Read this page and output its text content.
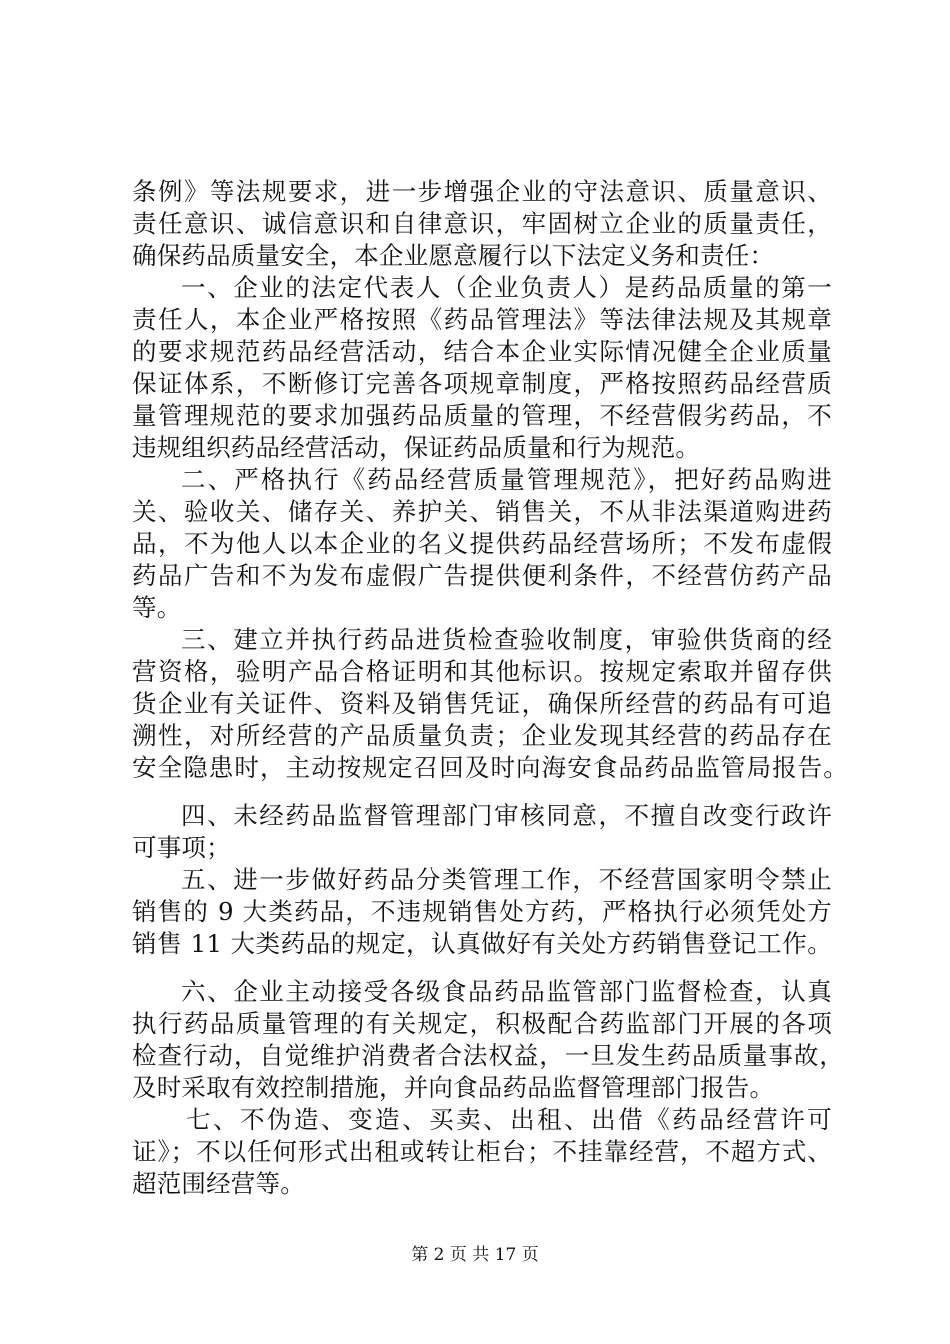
条例》等法规要求，进一步增强企业的守法意识、质量意识、
责任意识、诚信意识和自律意识，牢固树立企业的质量责任，
确保药品质量安全，本企业愿意履行以下法定义务和责任：
一、企业的法定代表人（企业负责人）是药品质量的第一
责任人，本企业严格按照《药品管理法》等法律法规及其规章
的要求规范药品经营活动，结合本企业实际情况健全企业质量
保证体系，不断修订完善各项规章制度，严格按照药品经营质
量管理规范的要求加强药品质量的管理，不经营假劣药品，不
违规组织药品经营活动，保证药品质量和行为规范。
二、严格执行《药品经营质量管理规范》，把好药品购进
关、验收关、储存关、养护关、销售关，不从非法渠道购进药
品，不为他人以本企业的名义提供药品经营场所；不发布虚假
药品广告和不为发布虚假广告提供便利条件，不经营仿药产品
等。
三、建立并执行药品进货检查验收制度，审验供货商的经
营资格，验明产品合格证明和其他标识。按规定索取并留存供
货企业有关证件、资料及销售凭证，确保所经营的药品有可追
溯性，对所经营的产品质量负责；企业发现其经营的药品存在
安全隐患时，主动按规定召回及时向海安食品药品监管局报告。
四、未经药品监督管理部门审核同意，不擅自改变行政许
可事项；
五、进一步做好药品分类管理工作，不经营国家明令禁止
销售的 9 大类药品，不违规销售处方药，严格执行必须凭处方
销售 11 大类药品的规定，认真做好有关处方药销售登记工作。
六、企业主动接受各级食品药品监管部门监督检查，认真
执行药品质量管理的有关规定，积极配合药监部门开展的各项
检查行动，自觉维护消费者合法权益，一旦发生药品质量事故，
及时采取有效控制措施，并向食品药品监督管理部门报告。
七、不伪造、变造、买卖、出租、出借《药品经营许可
证》；不以任何形式出租或转让柜台；不挂靠经营，不超方式、
超范围经营等。
第 2 页 共 17 页
